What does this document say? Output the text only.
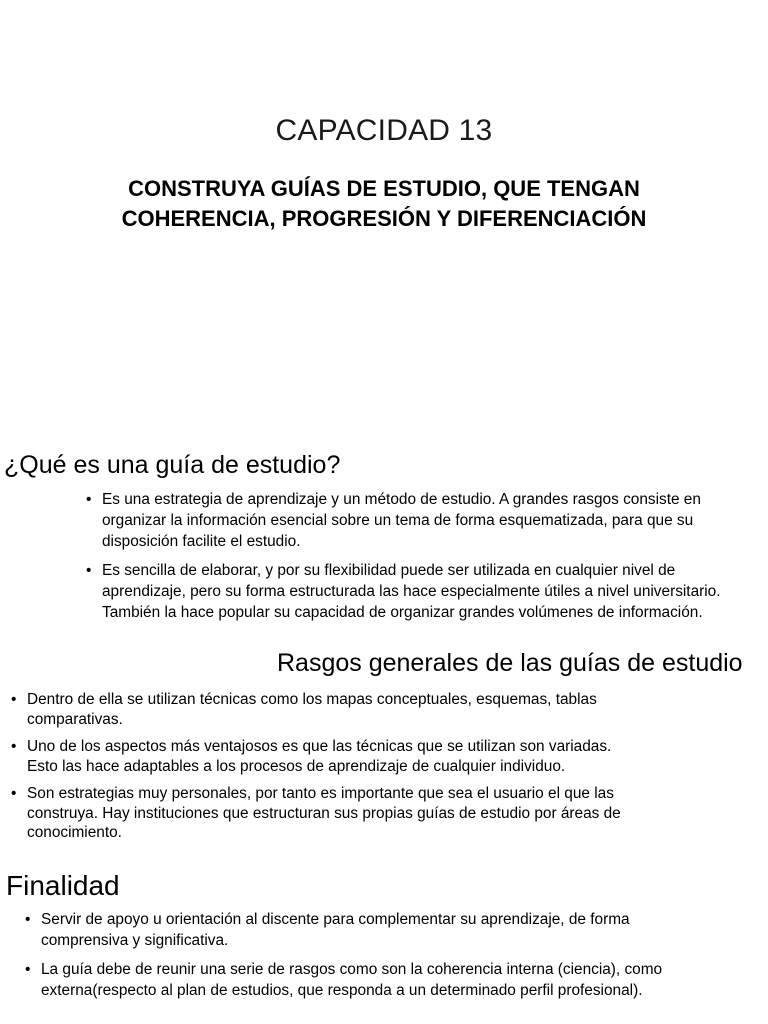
CAPACIDAD 13
CONSTRUYA GUÍAS DE ESTUDIO, QUE TENGAN
COHERENCIA, PROGRESIÓN Y DIFERENCIACIÓN
¿Qué es una guía de estudio?
• Es una estrategia de aprendizaje y un método de estudio. A grandes rasgos consiste en organizar la información esencial sobre un tema de forma esquematizada, para que su disposición facilite el estudio.
• Es sencilla de elaborar, y por su flexibilidad puede ser utilizada en cualquier nivel de aprendizaje, pero su forma estructurada las hace especialmente útiles a nivel universitario. También la hace popular su capacidad de organizar grandes volúmenes de información.
Rasgos generales de las guías de estudio
• Dentro de ella se utilizan técnicas como los mapas conceptuales, esquemas, tablas comparativas.
• Uno de los aspectos más ventajosos es que las técnicas que se utilizan son variadas. Esto las hace adaptables a los procesos de aprendizaje de cualquier individuo.
• Son estrategias muy personales, por tanto es importante que sea el usuario el que las construya. Hay instituciones que estructuran sus propias guías de estudio por áreas de conocimiento.
Finalidad
• Servir de apoyo u orientación al discente para complementar su aprendizaje, de forma comprensiva y significativa.
• La guía debe de reunir una serie de rasgos como son la coherencia interna (ciencia), como externa(respecto al plan de estudios, que responda a un determinado perfil profesional).
